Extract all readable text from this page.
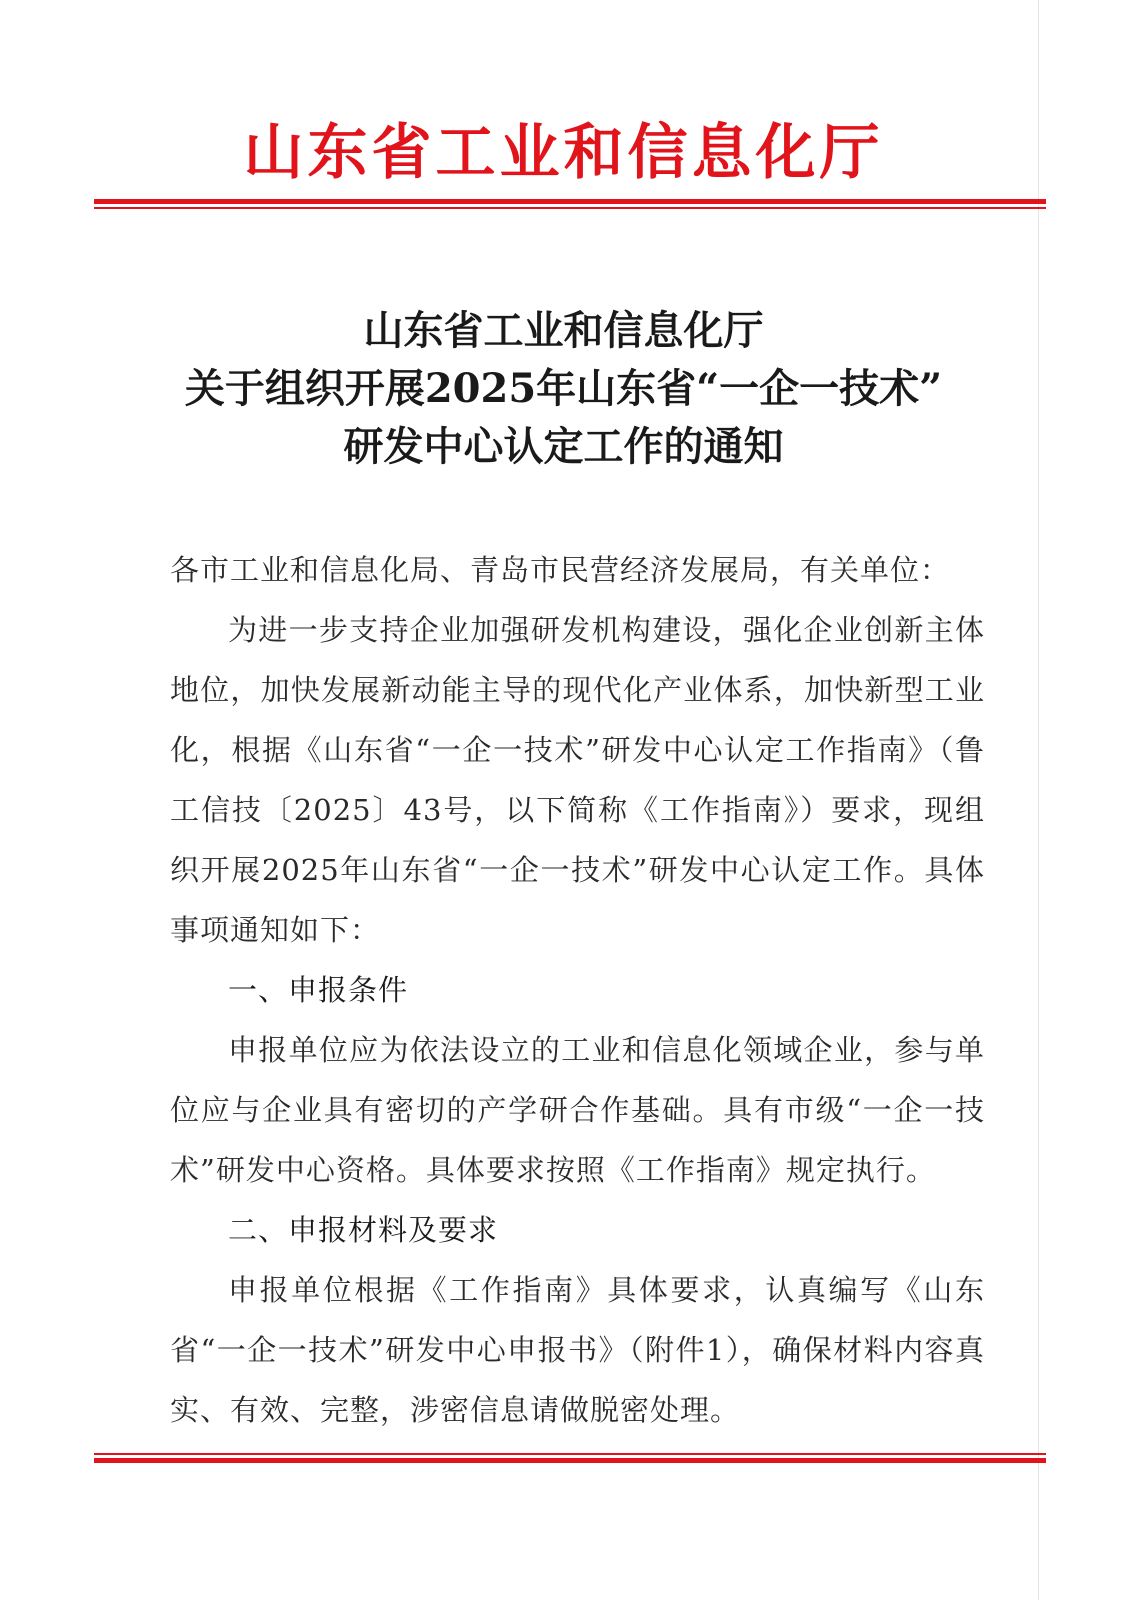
山东省工业和信息化厅
山东省工业和信息化厅
关于组织开展2025年山东省“一企一技术”
研发中心认定工作的通知

各市工业和信息化局、青岛市民营经济发展局，有关单位：

为进一步支持企业加强研发机构建设，强化企业创新主体地位，加快发展新动能主导的现代化产业体系，加快新型工业化，根据《山东省“一企一技术”研发中心认定工作指南》（鲁工信技〔2025〕43号，以下简称《工作指南》）要求，现组织开展2025年山东省“一企一技术”研发中心认定工作。具体事项通知如下：

一、申报条件

申报单位应为依法设立的工业和信息化领域企业，参与单位应与企业具有密切的产学研合作基础。具有市级“一企一技术”研发中心资格。具体要求按照《工作指南》规定执行。

二、申报材料及要求

申报单位根据《工作指南》具体要求，认真编写《山东省“一企一技术”研发中心申报书》（附件1），确保材料内容真实、有效、完整，涉密信息请做脱密处理。
